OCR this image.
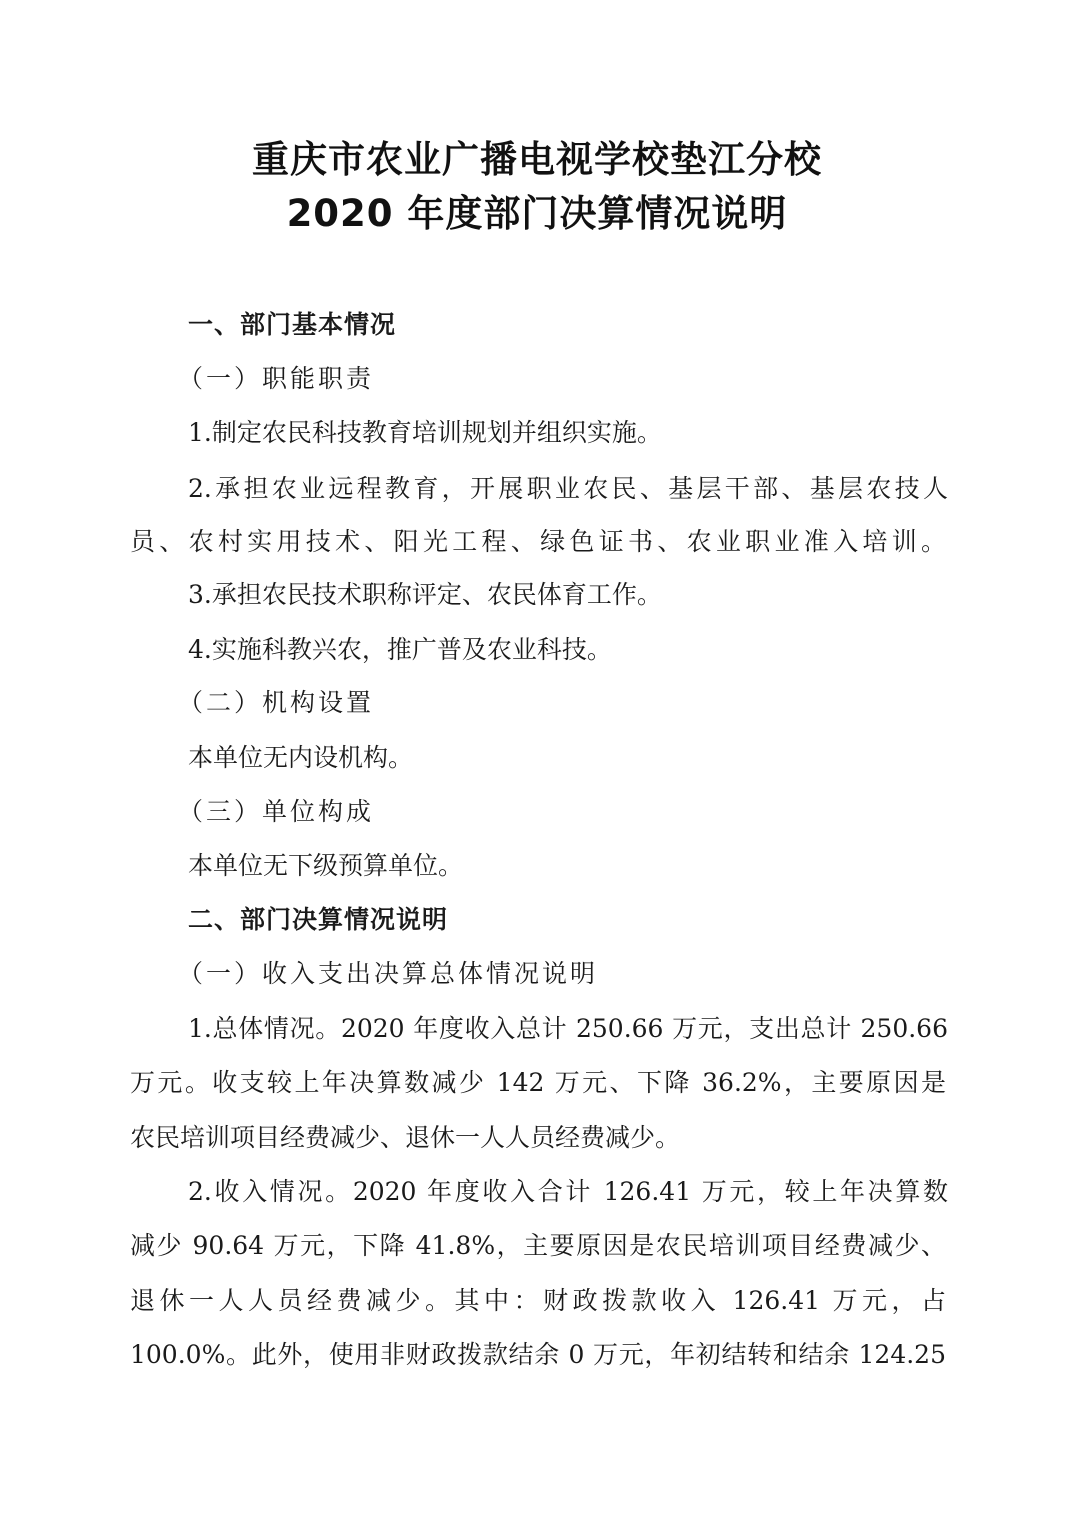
重庆市农业广播电视学校垫江分校
2020 年度部门决算情况说明
一、部门基本情况
（一）职能职责
1.制定农民科技教育培训规划并组织实施。
2.承担农业远程教育，开展职业农民、基层干部、基层农技人
员、农村实用技术、阳光工程、绿色证书、农业职业准入培训。
3.承担农民技术职称评定、农民体育工作。
4.实施科教兴农，推广普及农业科技。
（二）机构设置
本单位无内设机构。
（三）单位构成
本单位无下级预算单位。
二、部门决算情况说明
（一）收入支出决算总体情况说明
1.总体情况。2020 年度收入总计 250.66 万元，支出总计 250.66
万元。收支较上年决算数减少 142 万元、下降 36.2%，主要原因是
农民培训项目经费减少、退休一人人员经费减少。
2.收入情况。2020 年度收入合计 126.41 万元，较上年决算数
减少 90.64 万元，下降 41.8%，主要原因是农民培训项目经费减少、
退休一人人员经费减少。其中：财政拨款收入 126.41 万元，占
100.0%。此外，使用非财政拨款结余 0 万元，年初结转和结余 124.25
